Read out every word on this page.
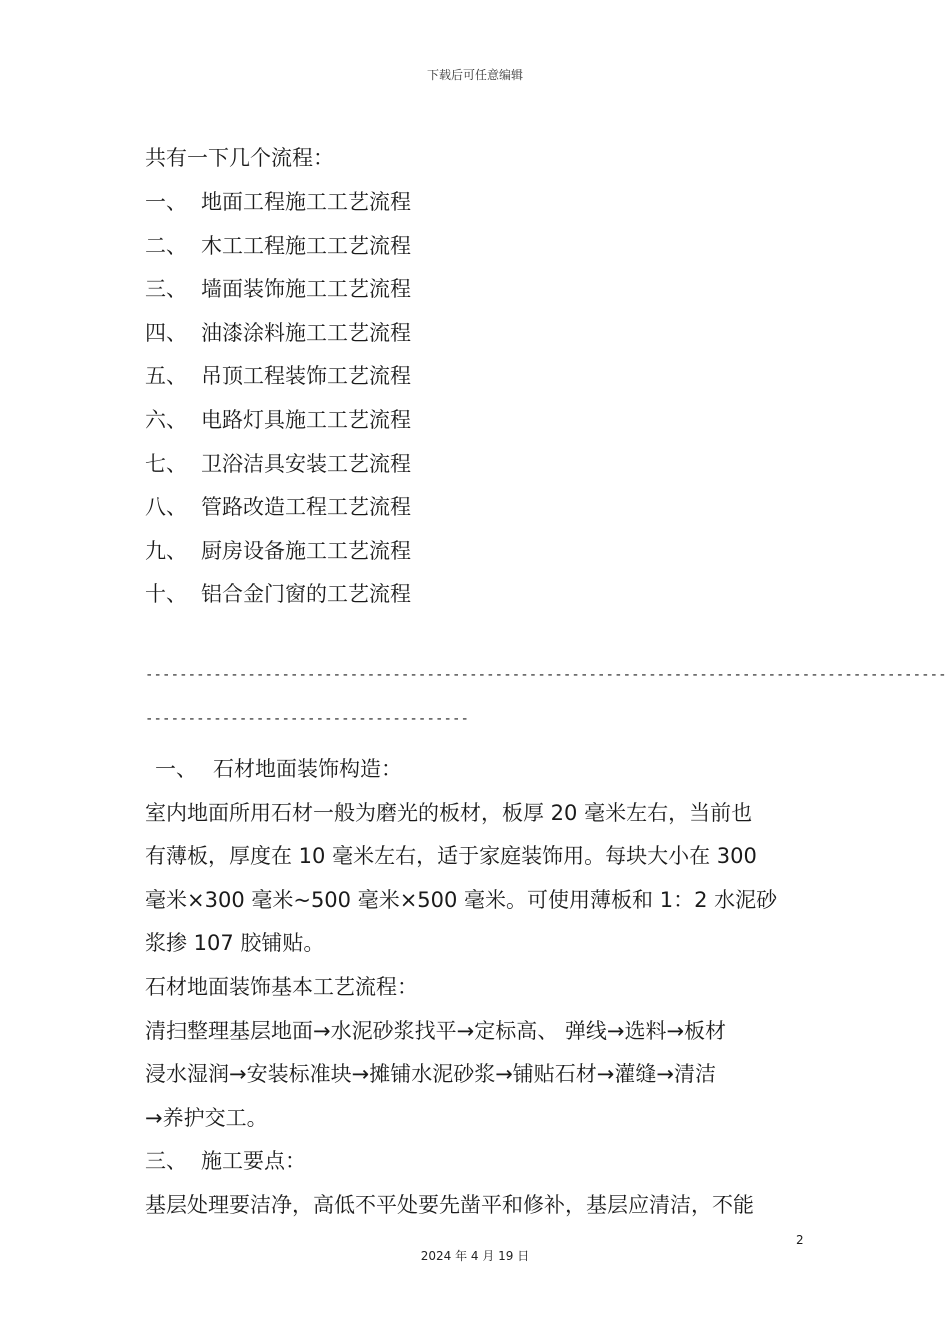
下载后可任意编辑
共有一下几个流程：
一、 地面工程施工工艺流程
二、 木工工程施工工艺流程
三、 墙面装饰施工工艺流程
四、 油漆涂料施工工艺流程
五、 吊顶工程装饰工艺流程
六、 电路灯具施工工艺流程
七、 卫浴洁具安装工艺流程
八、 管路改造工程工艺流程
九、 厨房设备施工工艺流程
十、 铝合金门窗的工艺流程
----------------------------------------------------------------------------------------------
--------------------------------------
一、 石材地面装饰构造：
室内地面所用石材一般为磨光的板材，板厚 20 毫米左右，当前也
有薄板，厚度在 10 毫米左右，适于家庭装饰用。每块大小在 300
毫米×300 毫米~500 毫米×500 毫米。可使用薄板和 1：2 水泥砂
浆掺 107 胶铺贴。
石材地面装饰基本工艺流程：
清扫整理基层地面→水泥砂浆找平→定标高、 弹线→选料→板材
浸水湿润→安装标准块→摊铺水泥砂浆→铺贴石材→灌缝→清洁
→养护交工。
三、 施工要点：
基层处理要洁净，高低不平处要先凿平和修补，基层应清洁，不能
2
2024 年 4 月 19 日
